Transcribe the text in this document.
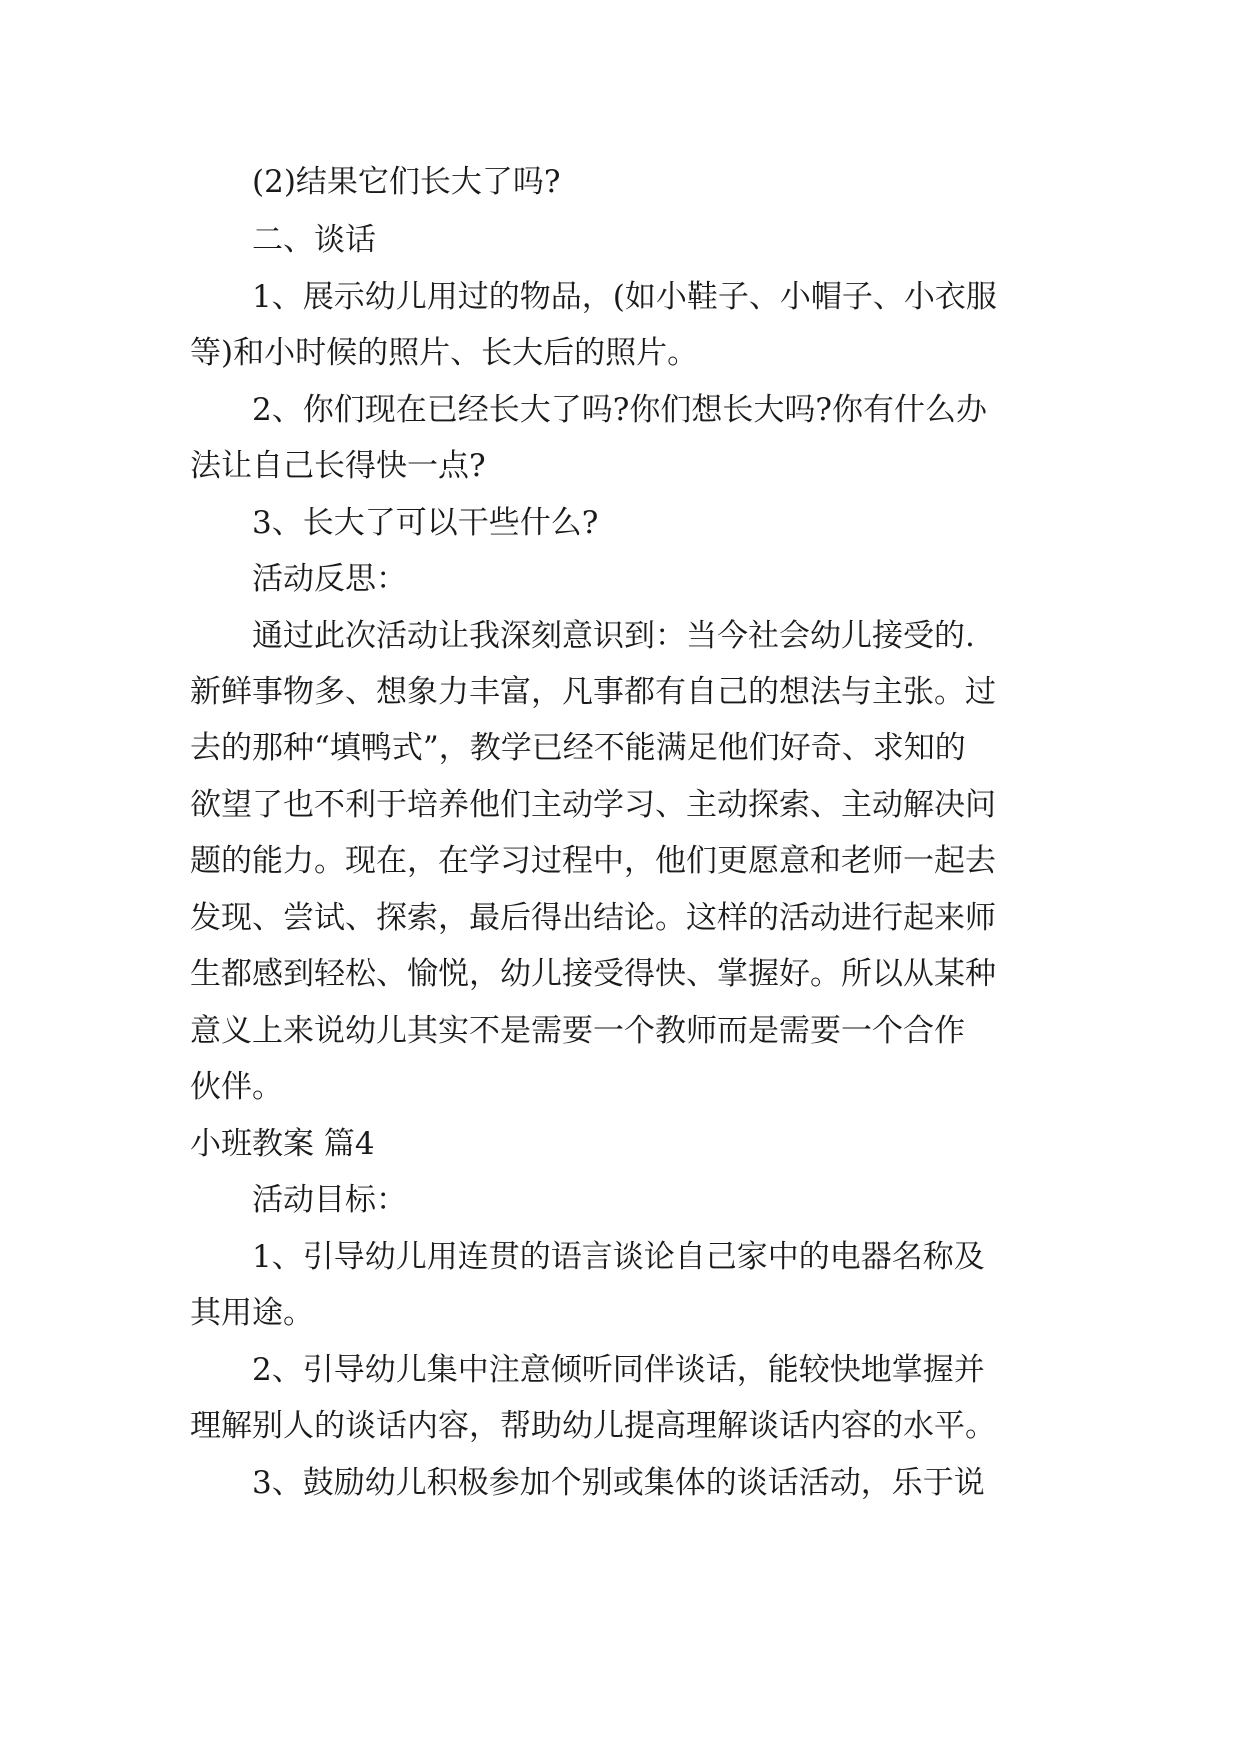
(2)结果它们长大了吗?
二、谈话
1、展示幼儿用过的物品，(如小鞋子、小帽子、小衣服
等)和小时候的照片、长大后的照片。
2、你们现在已经长大了吗?你们想长大吗?你有什么办
法让自己长得快一点?
3、长大了可以干些什么?
活动反思：
通过此次活动让我深刻意识到：当今社会幼儿接受的.
新鲜事物多、想象力丰富，凡事都有自己的想法与主张。过
去的那种“填鸭式”，教学已经不能满足他们好奇、求知的
欲望了也不利于培养他们主动学习、主动探索、主动解决问
题的能力。现在，在学习过程中，他们更愿意和老师一起去
发现、尝试、探索，最后得出结论。这样的活动进行起来师
生都感到轻松、愉悦，幼儿接受得快、掌握好。所以从某种
意义上来说幼儿其实不是需要一个教师而是需要一个合作
伙伴。
小班教案 篇4
活动目标：
1、引导幼儿用连贯的语言谈论自己家中的电器名称及
其用途。
2、引导幼儿集中注意倾听同伴谈话，能较快地掌握并
理解别人的谈话内容，帮助幼儿提高理解谈话内容的水平。
3、鼓励幼儿积极参加个别或集体的谈话活动，乐于说
